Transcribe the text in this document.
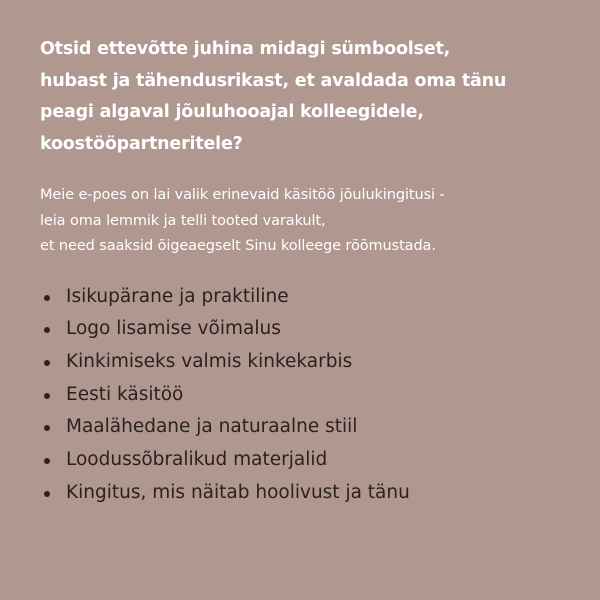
Otsid ettevõtte juhina midagi sümboolset,
hubast ja tähendusrikast, et avaldada oma tänu
peagi algaval jõuluhooajal kolleegidele,
koostööpartneritele?

Meie e-poes on lai valik erinevaid käsitöö jõulukingitusi -
leia oma lemmik ja telli tooted varakult,
et need saaksid õigeaegselt Sinu kolleege rõõmustada.

Isikupärane ja praktiline
Logo lisamise võimalus
Kinkimiseks valmis kinkekarbis
Eesti käsitöö
Maalähedane ja naturaalne stiil
Loodussõbralikud materjalid
Kingitus, mis näitab hoolivust ja tänu
